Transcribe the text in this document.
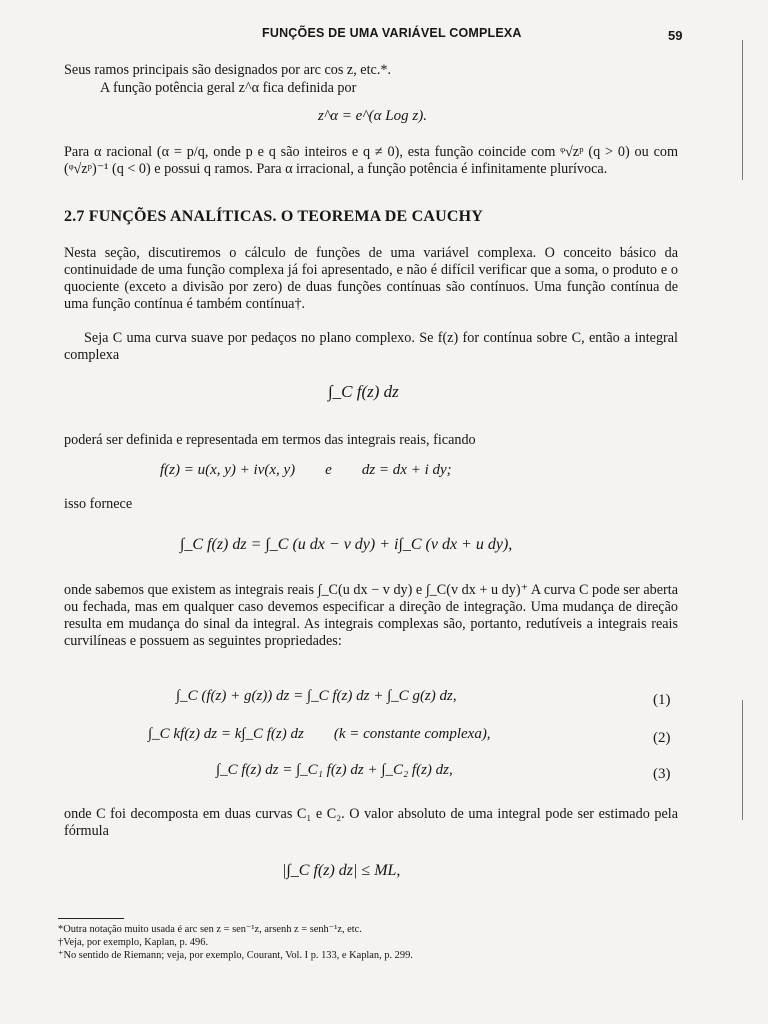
FUNÇÕES DE UMA VARIÁVEL COMPLEXA	59

Seus ramos principais são designados por arc cos z, etc.*.

A função potência geral z^α fica definida por

z^α = e^(α Log z).

Para α racional (α = p/q, onde p e q são inteiros e q ≠ 0), esta função coincide com ᵠ√zᵖ (q > 0) ou com (ᵠ√zᵖ)⁻¹ (q < 0) e possui q ramos. Para α irracional, a função potência é infinitamente plurívoca.

2.7 FUNÇÕES ANALÍTICAS. O TEOREMA DE CAUCHY

Nesta seção, discutiremos o cálculo de funções de uma variável complexa. O conceito básico da continuidade de uma função complexa já foi apresentado, e não é difícil verificar que a soma, o produto e o quociente (exceto a divisão por zero) de duas funções contínuas são contínuos. Uma função contínua de uma função contínua é também contínua†.

Seja C uma curva suave por pedaços no plano complexo. Se f(z) for contínua sobre C, então a integral complexa

∫_C f(z) dz

poderá ser definida e representada em termos das integrais reais, ficando

f(z) = u(x, y) + iv(x, y)        e        dz = dx + i dy;

isso fornece

∫_C f(z) dz = ∫_C (u dx − v dy) + i∫_C (v dx + u dy),

onde sabemos que existem as integrais reais ∫_C(u dx − v dy) e ∫_C(v dx + u dy)⁺ A curva C pode ser aberta ou fechada, mas em qualquer caso devemos especificar a direção de integração. Uma mudança de direção resulta em mudança do sinal da integral. As integrais complexas são, portanto, redutíveis a integrais reais curvilíneas e possuem as seguintes propriedades:

∫_C (f(z) + g(z)) dz = ∫_C f(z) dz + ∫_C g(z) dz,	(1)
∫_C kf(z) dz = k∫_C f(z) dz        (k = constante complexa),	(2)
∫_C f(z) dz = ∫_C₁ f(z) dz + ∫_C₂ f(z) dz,	(3)

onde C foi decomposta em duas curvas C₁ e C₂. O valor absoluto de uma integral pode ser estimado pela fórmula

|∫_C f(z) dz| ≤ ML,
*Outra notação muito usada é arc sen z = sen⁻¹z, arsenh z = senh⁻¹z, etc.
†Veja, por exemplo, Kaplan, p. 496.
⁺No sentido de Riemann; veja, por exemplo, Courant, Vol. I p. 133, e Kaplan, p. 299.
